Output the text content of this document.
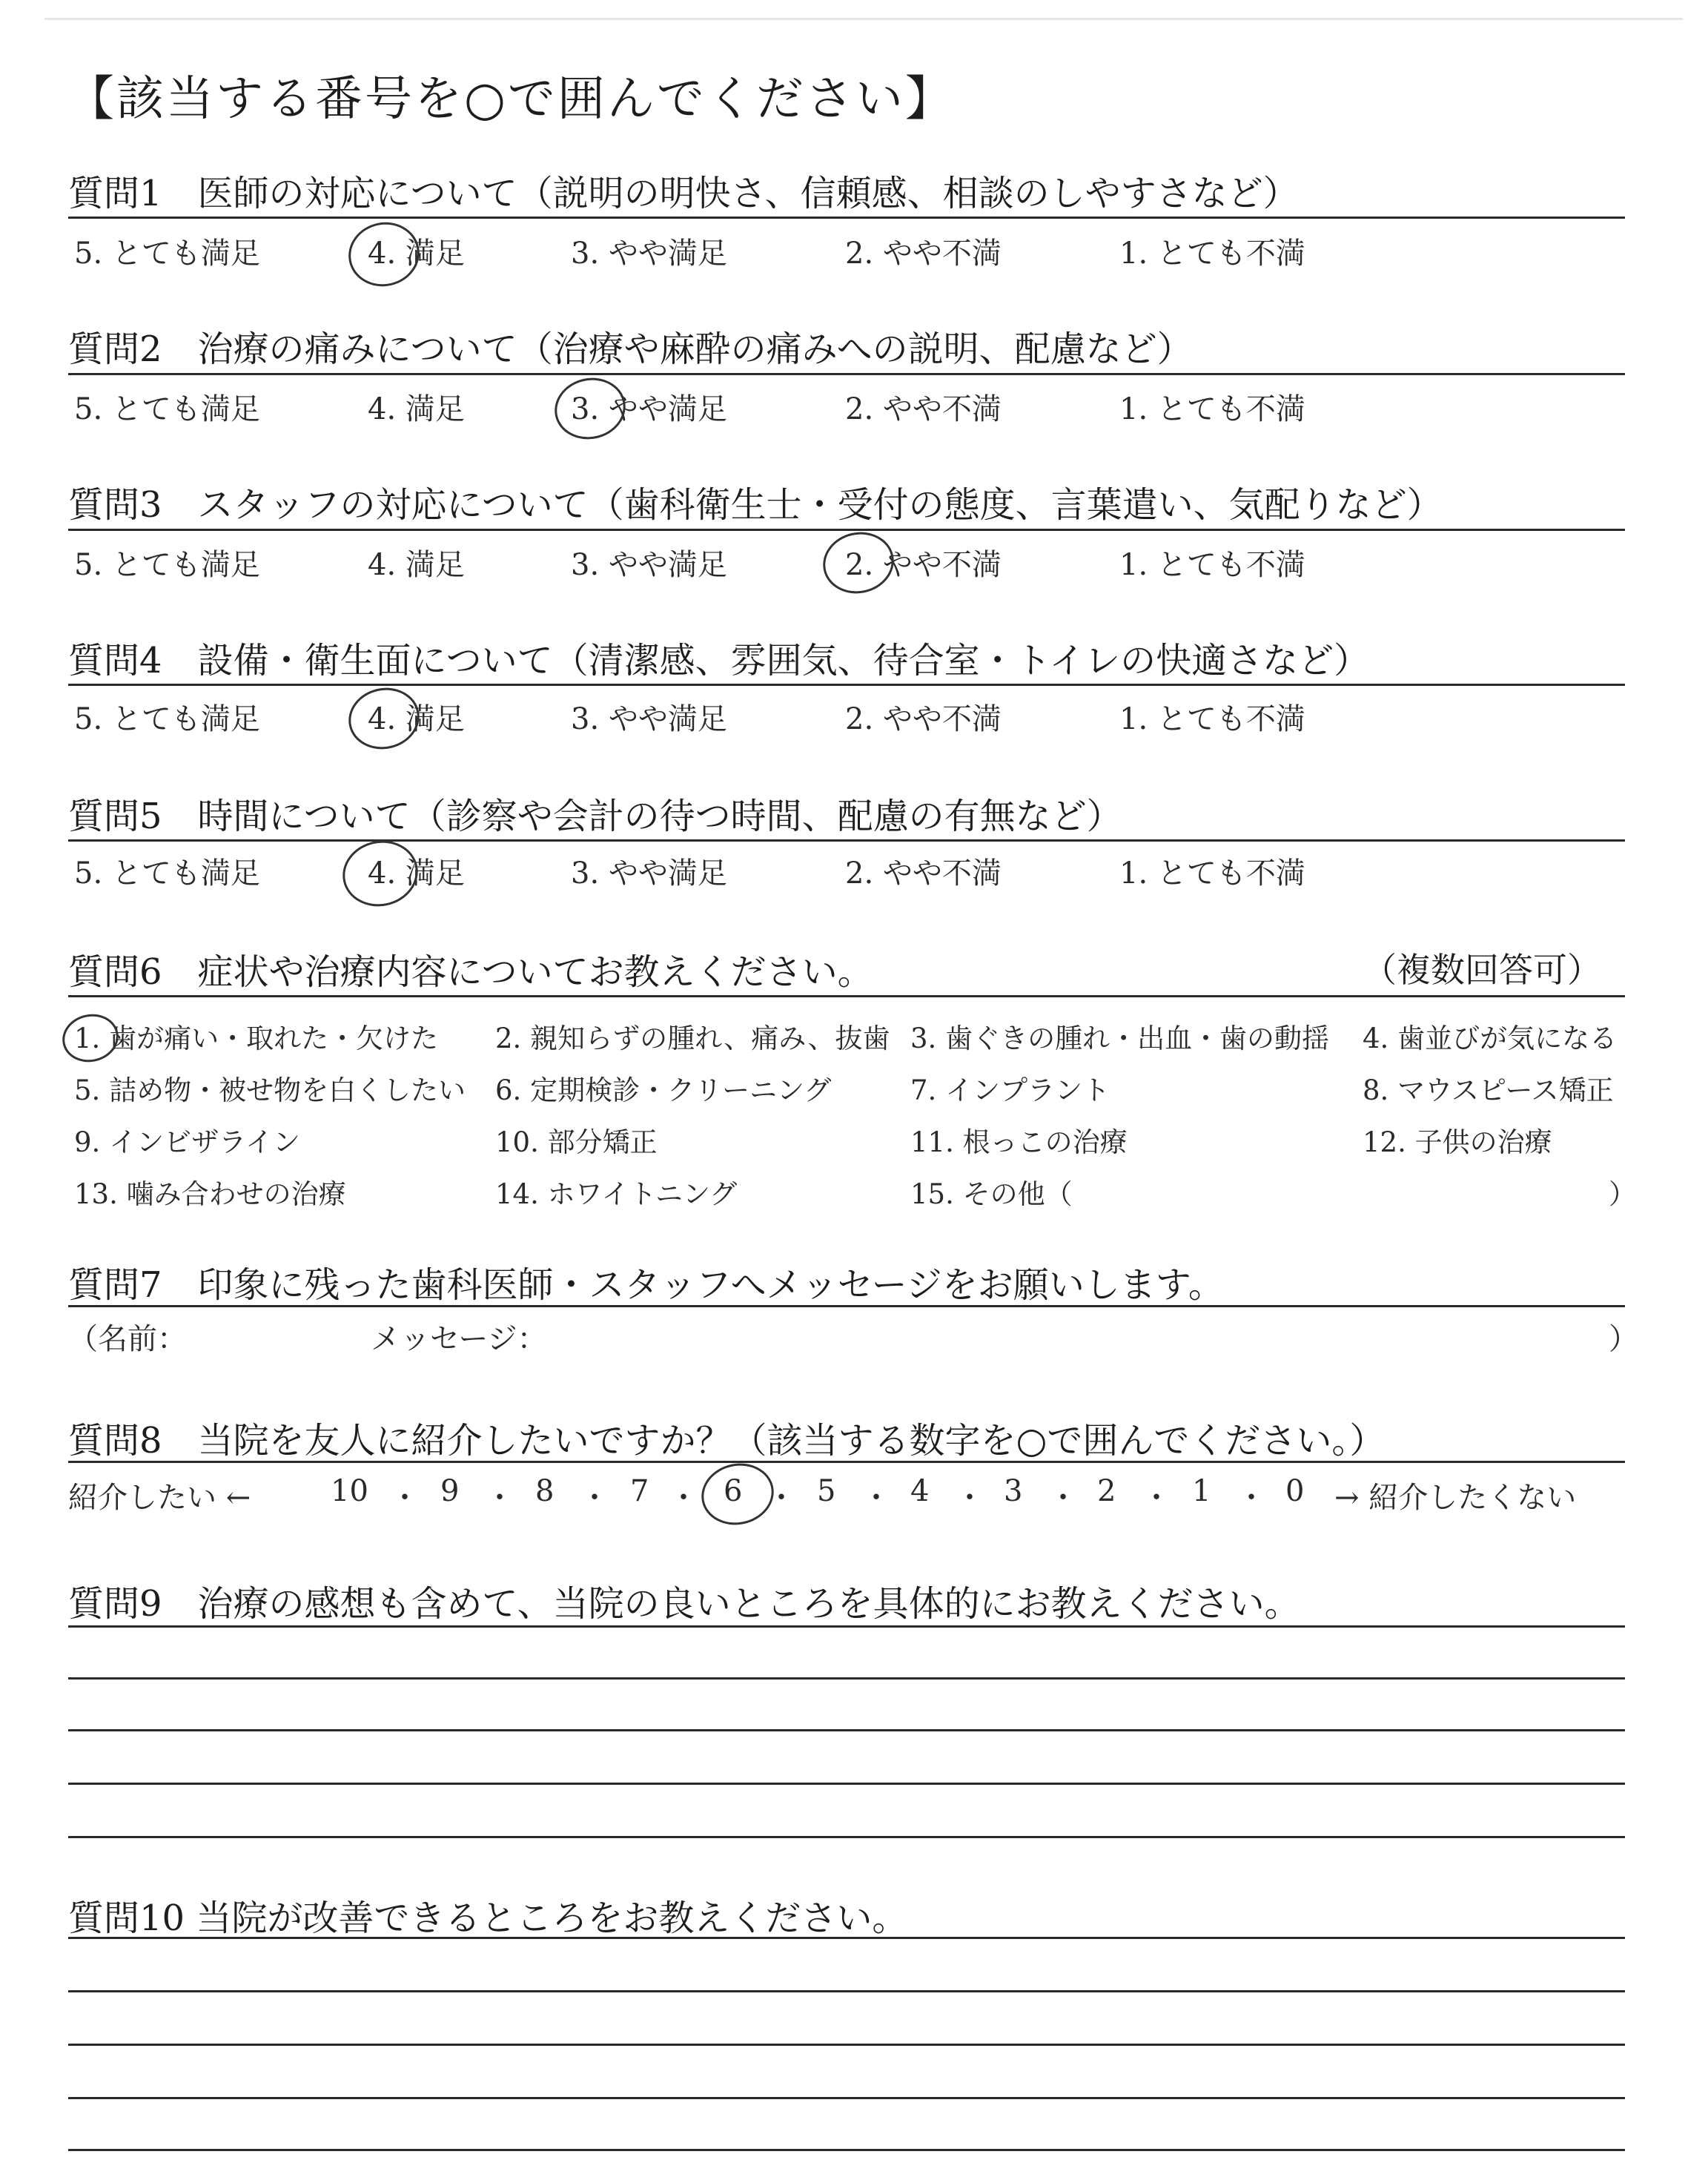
【該当する番号を○で囲んでください】
質問1　医師の対応について（説明の明快さ、信頼感、相談のしやすさなど）
5. とても満足	4. 満足	3. やや満足	2. やや不満	1. とても不満
質問2　治療の痛みについて（治療や麻酔の痛みへの説明、配慮など）
5. とても満足	4. 満足	3. やや満足	2. やや不満	1. とても不満
質問3　スタッフの対応について（歯科衛生士・受付の態度、言葉遣い、気配りなど）
5. とても満足	4. 満足	3. やや満足	2. やや不満	1. とても不満
質問4　設備・衛生面について（清潔感、雰囲気、待合室・トイレの快適さなど）
5. とても満足	4. 満足	3. やや満足	2. やや不満	1. とても不満
質問5　時間について（診察や会計の待つ時間、配慮の有無など）
5. とても満足	4. 満足	3. やや満足	2. やや不満	1. とても不満
質問6　症状や治療内容についてお教えください。	（複数回答可）
1. 歯が痛い・取れた・欠けた 2. 親知らずの腫れ、痛み、抜歯 3. 歯ぐきの腫れ・出血・歯の動揺 4. 歯並びが気になる
5. 詰め物・被せ物を白くしたい 6. 定期検診・クリーニング	7. インプラント	8. マウスピース矯正
9. インビザライン	10. 部分矯正	11. 根っこの治療	12. 子供の治療
13. 噛み合わせの治療	14. ホワイトニング	15. その他（	）
質問7　印象に残った歯科医師・スタッフへメッセージをお願いします。
（名前：	メッセージ：	）
質問8　当院を友人に紹介したいですか？（該当する数字を○で囲んでください。）
紹介したい ←	10 ・ 9 ・ 8 ・ 7 ・ 6 ・ 5 ・ 4 ・ 3 ・ 2 ・ 1 ・ 0 → 紹介したくない
質問9　治療の感想も含めて、当院の良いところを具体的にお教えください。
質問10 当院が改善できるところをお教えください。
